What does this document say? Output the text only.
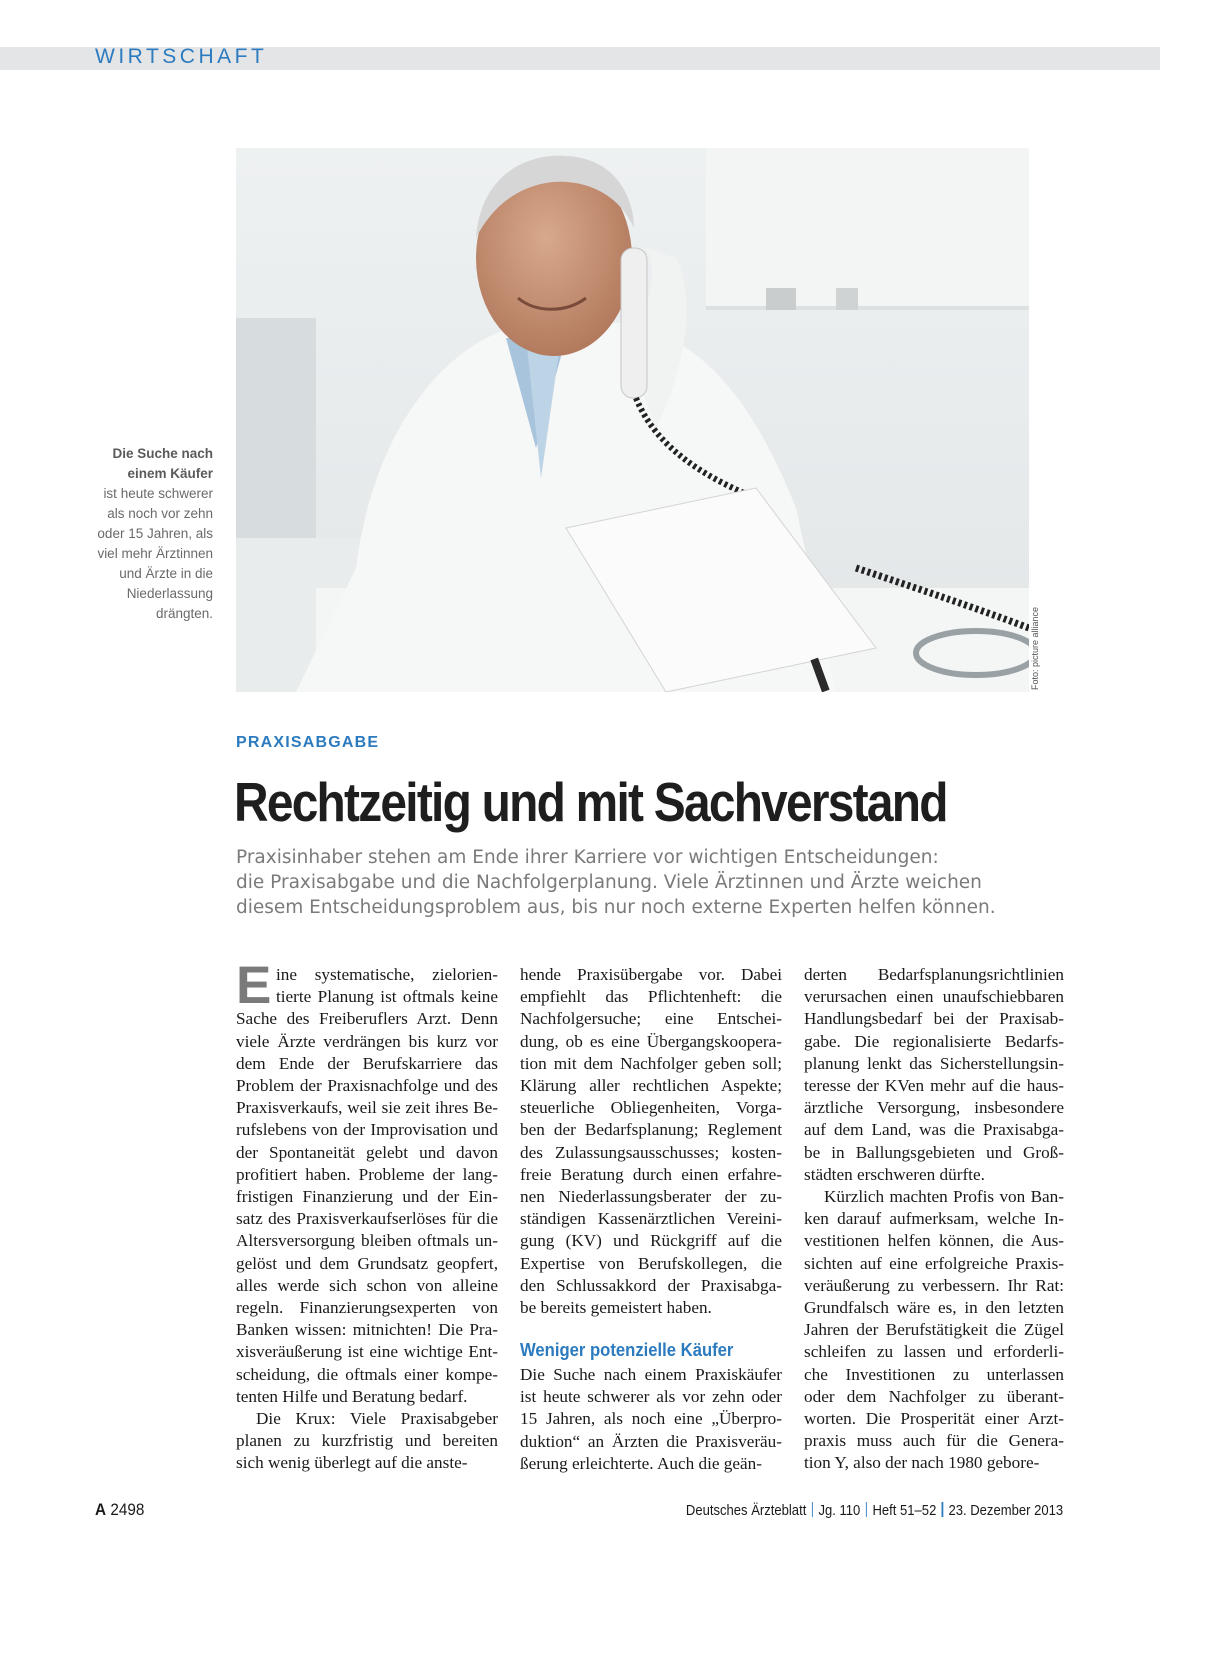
WIRTSCHAFT
Foto: picture alliance
Die Suche nach
einem Käufer
ist heute schwerer
als noch vor zehn
oder 15 Jahren, als
viel mehr Ärztinnen
und Ärzte in die
Niederlassung
drängten.
PRAXISABGABE
Rechtzeitig und mit Sachverstand
Praxisinhaber stehen am Ende ihrer Karriere vor wichtigen Entscheidungen:
die Praxisabgabe und die Nachfolgerplanung. Viele Ärztinnen und Ärzte weichen
diesem Entscheidungsproblem aus, bis nur noch externe Experten helfen können.
E ine systematische, zielorien-
tierte Planung ist oftmals keine
Sache des Freiberuflers Arzt. Denn
viele Ärzte verdrängen bis kurz vor
dem Ende der Berufskarriere das
Problem der Praxisnachfolge und des
Praxisverkaufs, weil sie zeit ihres Be-
rufslebens von der Improvisation und
der Spontaneität gelebt und davon
profitiert haben. Probleme der lang-
fristigen Finanzierung und der Ein-
satz des Praxisverkaufserlöses für die
Altersversorgung bleiben oftmals un-
gelöst und dem Grundsatz geopfert,
alles werde sich schon von alleine
regeln. Finanzierungsexperten von
Banken wissen: mitnichten! Die Pra-
xisveräußerung ist eine wichtige Ent-
scheidung, die oftmals einer kompe-
tenten Hilfe und Beratung bedarf.
Die Krux: Viele Praxisabgeber
planen zu kurzfristig und bereiten
sich wenig überlegt auf die anste-
hende Praxisübergabe vor. Dabei
empfiehlt das Pflichtenheft: die
Nachfolgersuche; eine Entschei-
dung, ob es eine Übergangskoopera-
tion mit dem Nachfolger geben soll;
Klärung aller rechtlichen Aspekte;
steuerliche Obliegenheiten, Vorga-
ben der Bedarfsplanung; Reglement
des Zulassungsausschusses; kosten-
freie Beratung durch einen erfahre-
nen Niederlassungsberater der zu-
ständigen Kassenärztlichen Vereini-
gung (KV) und Rückgriff auf die
Expertise von Berufskollegen, die
den Schlussakkord der Praxisabga-
be bereits gemeistert haben.
derten Bedarfsplanungsrichtlinien
verursachen einen unaufschiebbaren
Handlungsbedarf bei der Praxisab-
gabe. Die regionalisierte Bedarfs-
planung lenkt das Sicherstellungsin-
teresse der KVen mehr auf die haus-
ärztliche Versorgung, insbesondere
auf dem Land, was die Praxisabga-
be in Ballungsgebieten und Groß-
städten erschweren dürfte.
Kürzlich machten Profis von Ban-
ken darauf aufmerksam, welche In-
vestitionen helfen können, die Aus-
sichten auf eine erfolgreiche Praxis-
veräußerung zu verbessern. Ihr Rat:
Grundfalsch wäre es, in den letzten
Jahren der Berufstätigkeit die Zügel
schleifen zu lassen und erforderli-
che Investitionen zu unterlassen
oder dem Nachfolger zu überant-
worten. Die Prosperität einer Arzt-
praxis muss auch für die Genera-
tion Y, also der nach 1980 gebore-
Weniger potenzielle Käufer
Die Suche nach einem Praxiskäufer
ist heute schwerer als vor zehn oder
15 Jahren, als noch eine „Überpro-
duktion“ an Ärzten die Praxisveräu-
ßerung erleichterte. Auch die geän-
A 2498	Deutsches Ärzteblatt Jg. 110 Heft 51–52 23. Dezember 2013
